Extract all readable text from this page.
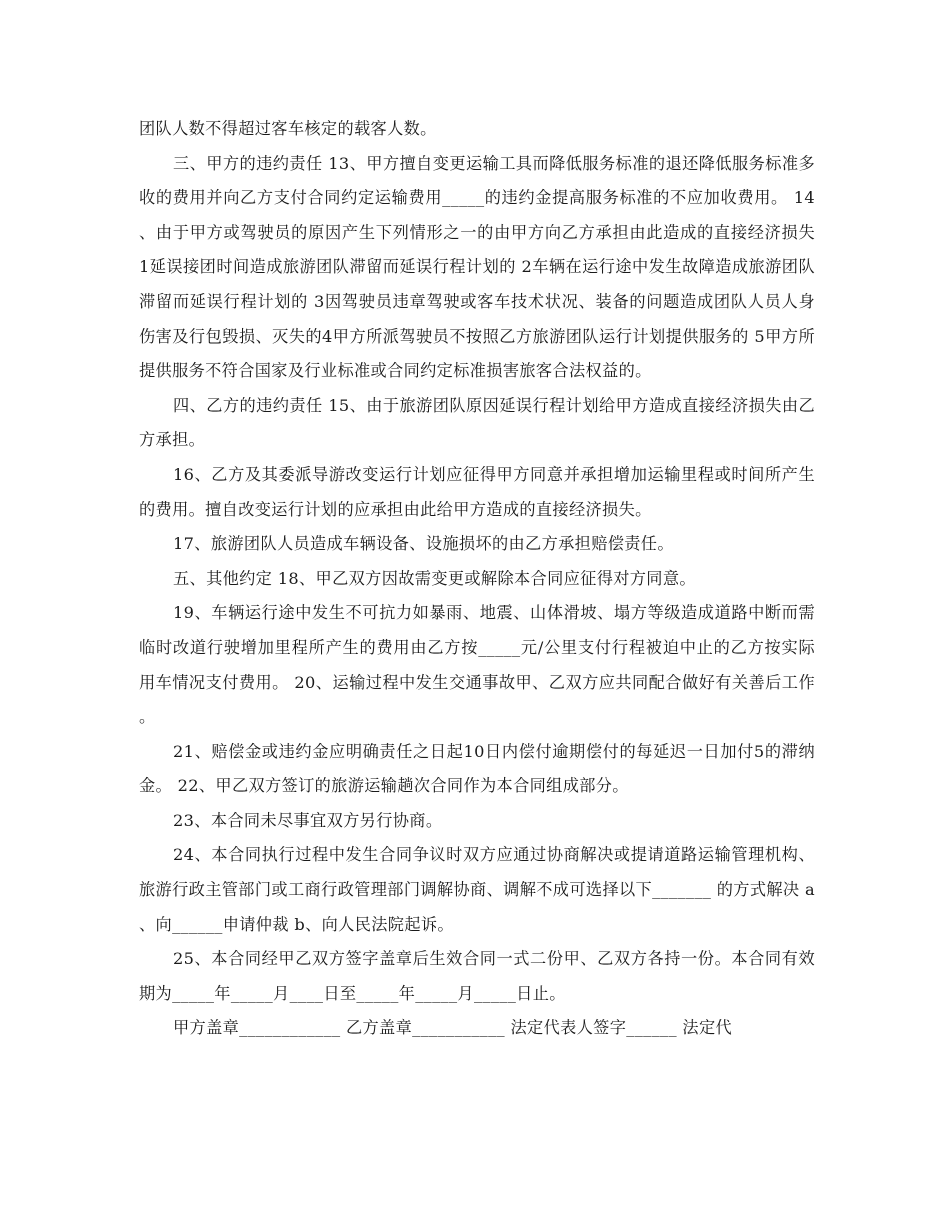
团队人数不得超过客车核定的载客人数。

三、甲方的违约责任 13、甲方擅自变更运输工具而降低服务标准的退还降低服务标准多收的费用并向乙方支付合同约定运输费用_____的违约金提高服务标准的不应加收费用。 14、由于甲方或驾驶员的原因产生下列情形之一的由甲方向乙方承担由此造成的直接经济损失 1延误接团时间造成旅游团队滞留而延误行程计划的 2车辆在运行途中发生故障造成旅游团队滞留而延误行程计划的 3因驾驶员违章驾驶或客车技术状况、装备的问题造成团队人员人身伤害及行包毁损、灭失的4甲方所派驾驶员不按照乙方旅游团队运行计划提供服务的 5甲方所提供服务不符合国家及行业标准或合同约定标准损害旅客合法权益的。

四、乙方的违约责任 15、由于旅游团队原因延误行程计划给甲方造成直接经济损失由乙方承担。

16、乙方及其委派导游改变运行计划应征得甲方同意并承担增加运输里程或时间所产生的费用。擅自改变运行计划的应承担由此给甲方造成的直接经济损失。

17、旅游团队人员造成车辆设备、设施损坏的由乙方承担赔偿责任。

五、其他约定 18、甲乙双方因故需变更或解除本合同应征得对方同意。

19、车辆运行途中发生不可抗力如暴雨、地震、山体滑坡、塌方等级造成道路中断而需临时改道行驶增加里程所产生的费用由乙方按_____元/公里支付行程被迫中止的乙方按实际用车情况支付费用。 20、运输过程中发生交通事故甲、乙双方应共同配合做好有关善后工作。

21、赔偿金或违约金应明确责任之日起10日内偿付逾期偿付的每延迟一日加付5的滞纳金。 22、甲乙双方签订的旅游运输趟次合同作为本合同组成部分。

23、本合同未尽事宜双方另行协商。

24、本合同执行过程中发生合同争议时双方应通过协商解决或提请道路运输管理机构、旅游行政主管部门或工商行政管理部门调解协商、调解不成可选择以下_______ 的方式解决 a、向______申请仲裁 b、向人民法院起诉。

25、本合同经甲乙双方签字盖章后生效合同一式二份甲、乙双方各持一份。本合同有效期为_____年_____月____日至_____年_____月_____日止。

甲方盖章____________ 乙方盖章___________ 法定代表人签字______ 法定代
